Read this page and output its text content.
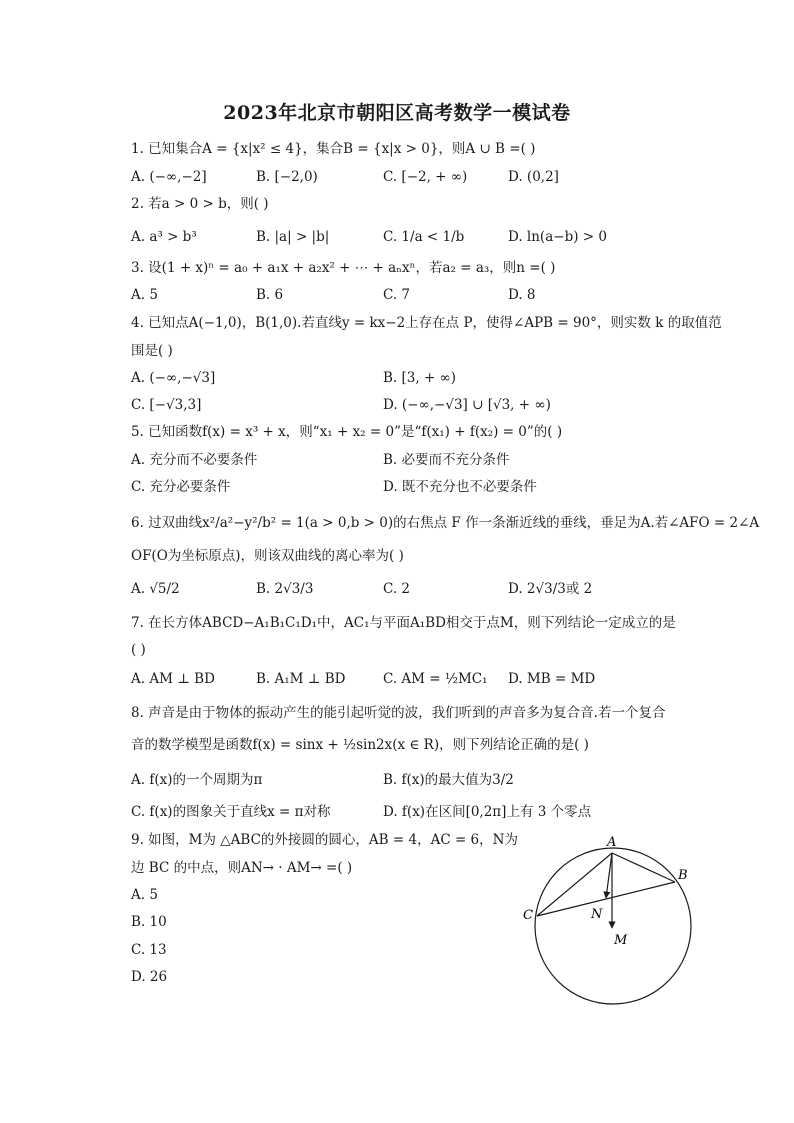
2023年北京市朝阳区高考数学一模试卷
1. 已知集合A = {x|x² ≤ 4}，集合B = {x|x > 0}，则A ∪ B =( )
A. (−∞,−2]	B. [−2,0)	C. [−2, + ∞)	D. (0,2]
2. 若a > 0 > b，则( )
A. a³ > b³	B. |a| > |b|	C. 1/a < 1/b	D. ln(a−b) > 0
3. 设(1 + x)ⁿ = a₀ + a₁x + a₂x² + ⋯ + aₙxⁿ，若a₂ = a₃，则n =( )
A. 5	B. 6	C. 7	D. 8
4. 已知点A(−1,0)，B(1,0).若直线y = kx−2上存在点 P，使得∠APB = 90°，则实数 k 的取值范
围是( )
A. (−∞,−√3]	B. [3, + ∞)
C. [−√3,3]	D. (−∞,−√3] ∪ [√3, + ∞)
5. 已知函数f(x) = x³ + x，则“x₁ + x₂ = 0”是“f(x₁) + f(x₂) = 0”的( )
A. 充分而不必要条件	B. 必要而不充分条件
C. 充分必要条件	D. 既不充分也不必要条件
6. 过双曲线x²/a²−y²/b² = 1(a > 0,b > 0)的右焦点 F 作一条渐近线的垂线，垂足为A.若∠AFO = 2∠A
OF(O为坐标原点)，则该双曲线的离心率为( )
A. √5/2	B. 2√3/3	C. 2	D. 2√3/3或 2
7. 在长方体ABCD−A₁B₁C₁D₁中，AC₁与平面A₁BD相交于点M，则下列结论一定成立的是
( )
A. AM ⊥ BD	B. A₁M ⊥ BD	C. AM = ½MC₁ D. MB = MD
8. 声音是由于物体的振动产生的能引起听觉的波，我们听到的声音多为复合音.若一个复合
音的数学模型是函数f(x) = sinx + ½sin2x(x ∈ R)，则下列结论正确的是( )
A. f(x)的一个周期为π	B. f(x)的最大值为3/2
C. f(x)的图象关于直线x = π对称	D. f(x)在区间[0,2π]上有 3 个零点
9. 如图，M为 △ABC的外接圆的圆心，AB = 4，AC = 6，N为
边 BC 的中点，则AN→ · AM→ =( )
A. 5
B. 10
C. 13
D. 26
A
B
C	N
M
